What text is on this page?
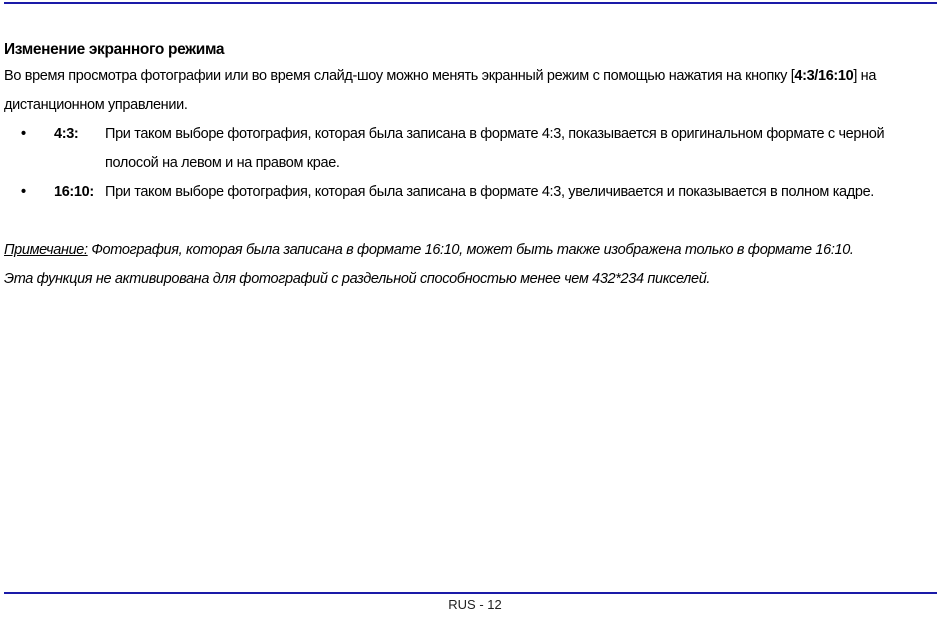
Изменение экранного режима

Во время просмотра фотографии или во время слайд-шоу можно менять экранный режим с помощью нажатия на кнопку [4:3/16:10] на дистанционном управлении.

• 4:3: При таком выборе фотография, которая была записана в формате 4:3, показывается в оригинальном формате с черной полосой на левом и на правом крае.
• 16:10: При таком выборе фотография, которая была записана в формате 4:3, увеличивается и показывается в полном кадре.
Примечание: Фотография, которая была записана в формате 16:10, может быть также изображена только в формате 16:10.
Эта функция не активирована для фотографий с раздельной способностью менее чем 432*234 пикселей.
RUS - 12
